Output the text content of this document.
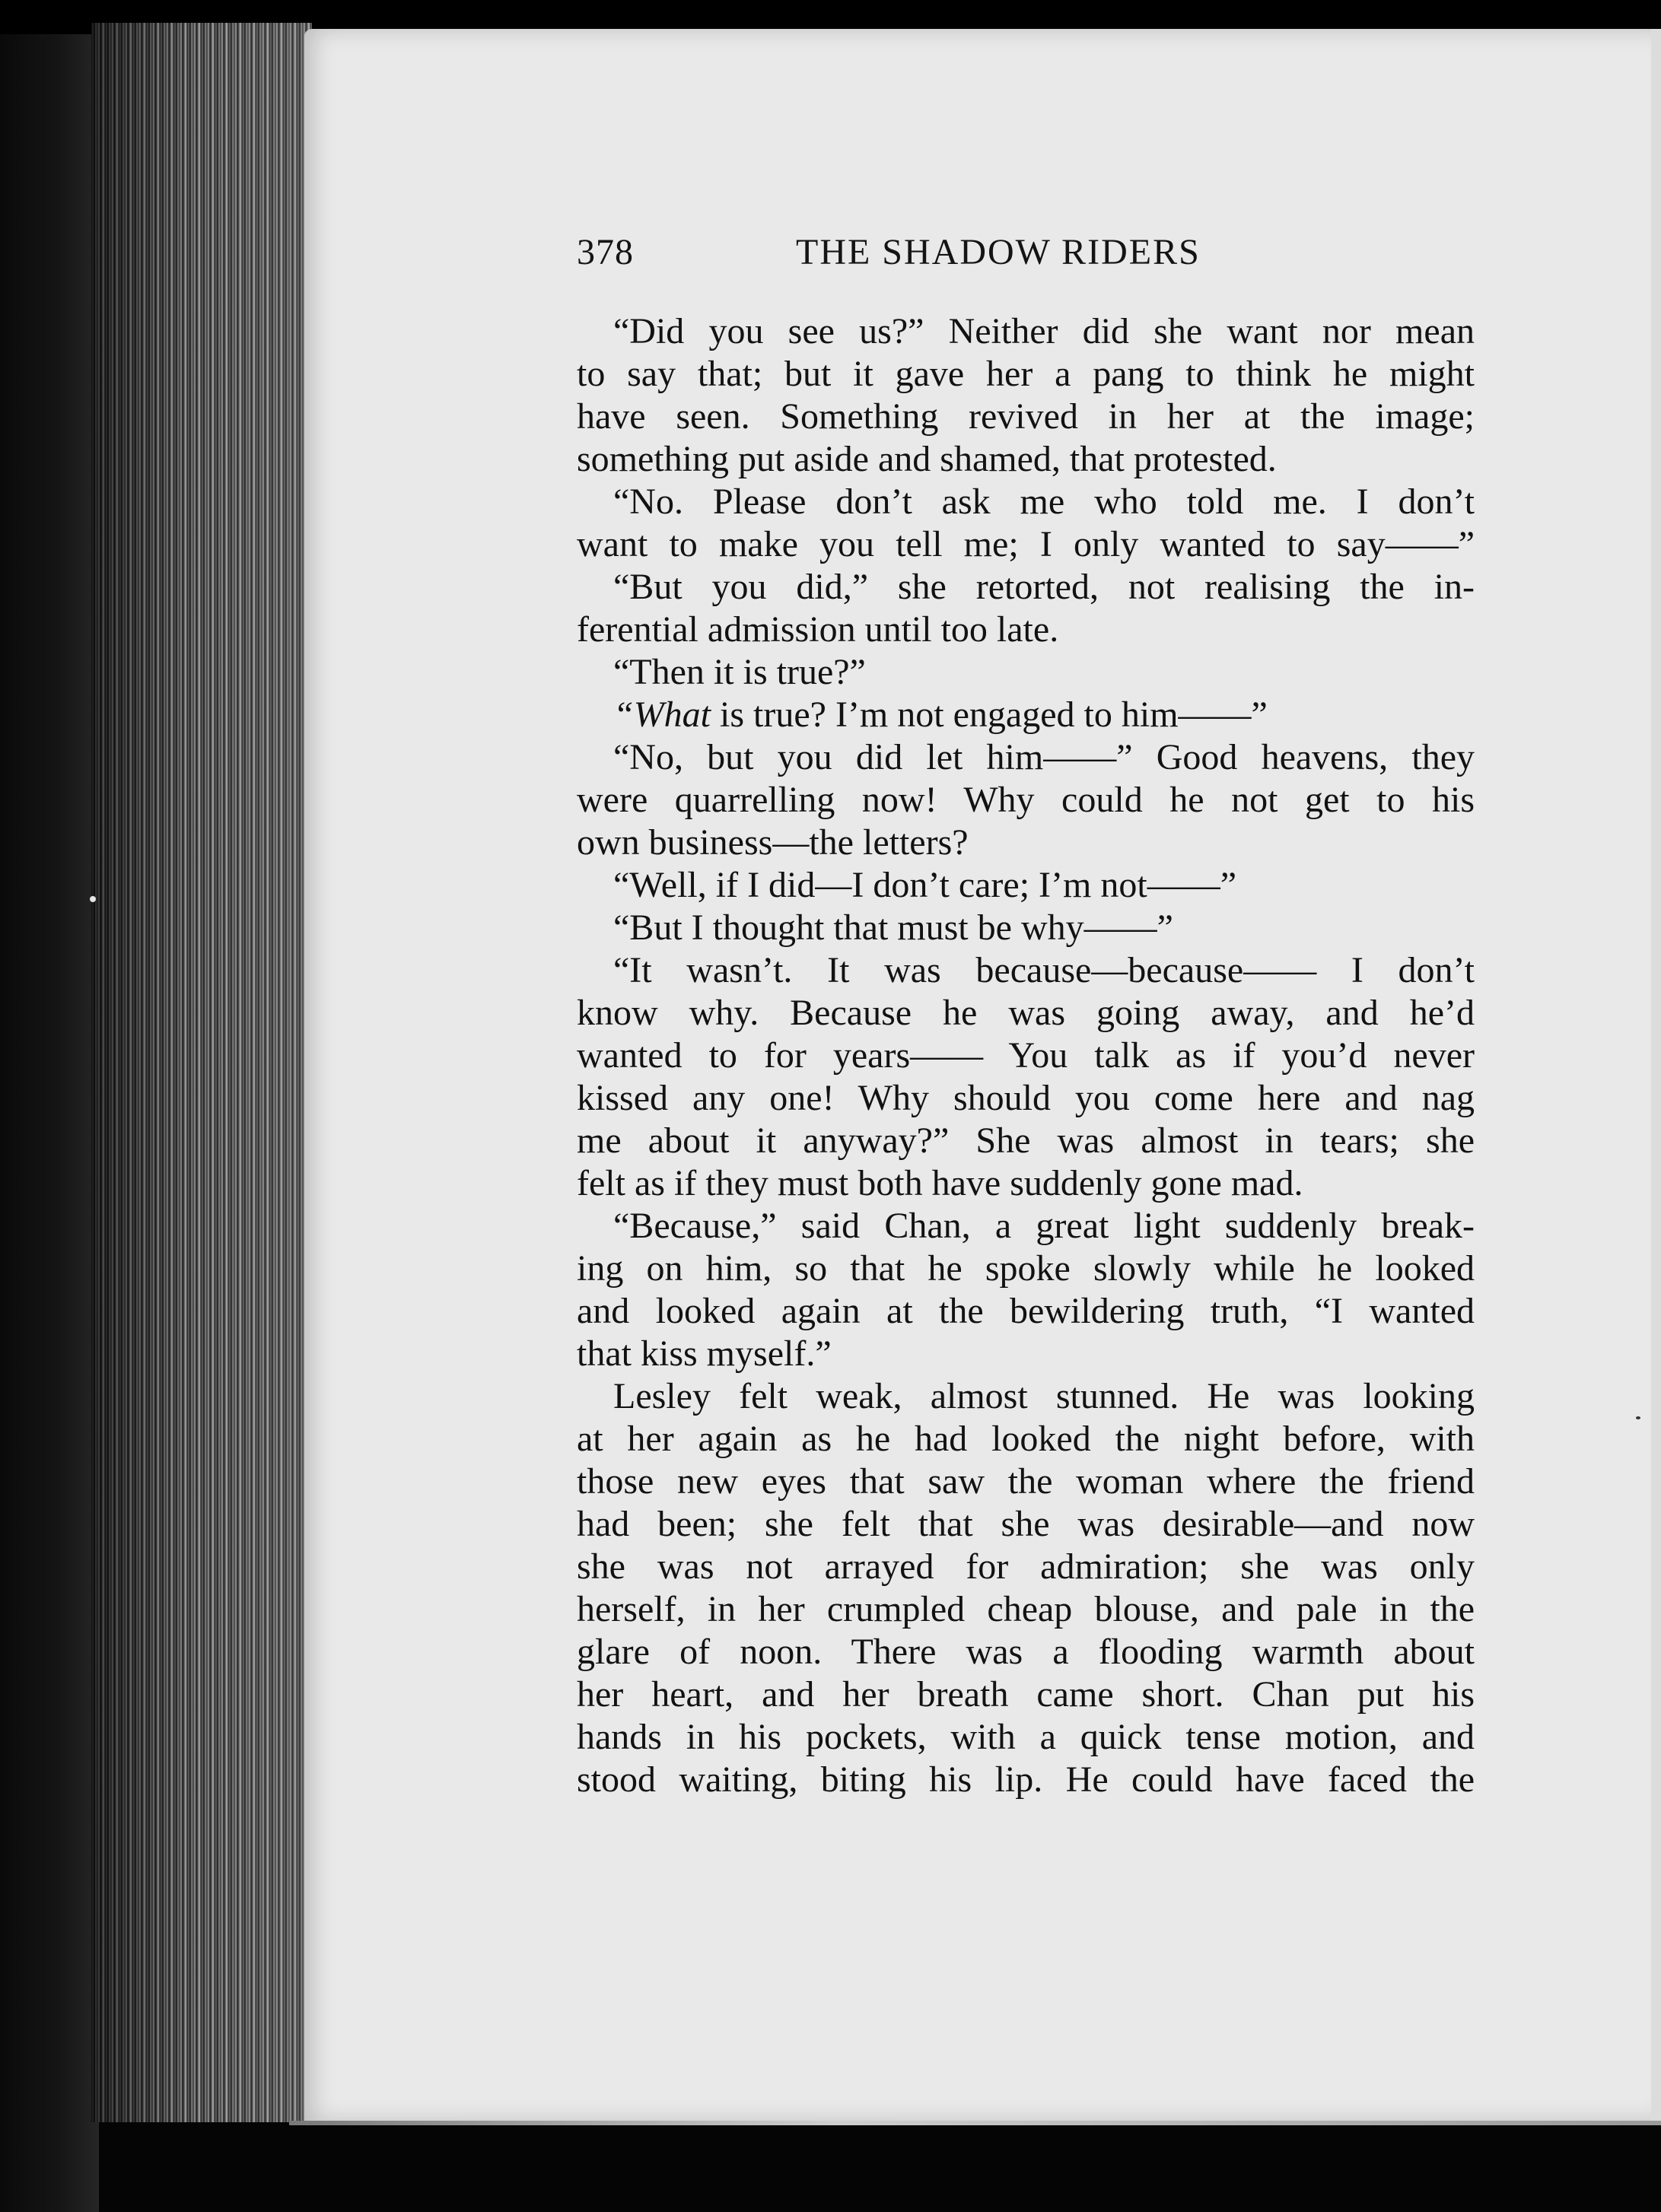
378	THE SHADOW RIDERS
“Did you see us?” Neither did she want nor mean
to say that; but it gave her a pang to think he might
have seen. Something revived in her at the image;
something put aside and shamed, that protested.
“No. Please don’t ask me who told me. I don’t
want to make you tell me; I only wanted to say——”
“But you did,” she retorted, not realising the in-
ferential admission until too late.
“Then it is true?”
“What is true? I’m not engaged to him——”
“No, but you did let him——” Good heavens, they
were quarrelling now! Why could he not get to his
own business—the letters?
“Well, if I did—I don’t care; I’m not——”
“But I thought that must be why——”
“It wasn’t. It was because—because—— I don’t
know why. Because he was going away, and he’d
wanted to for years—— You talk as if you’d never
kissed any one! Why should you come here and nag
me about it anyway?” She was almost in tears; she
felt as if they must both have suddenly gone mad.
“Because,” said Chan, a great light suddenly break-
ing on him, so that he spoke slowly while he looked
and looked again at the bewildering truth, “I wanted
that kiss myself.”
Lesley felt weak, almost stunned. He was looking
at her again as he had looked the night before, with
those new eyes that saw the woman where the friend
had been; she felt that she was desirable—and now
she was not arrayed for admiration; she was only
herself, in her crumpled cheap blouse, and pale in the
glare of noon. There was a flooding warmth about
her heart, and her breath came short. Chan put his
hands in his pockets, with a quick tense motion, and
stood waiting, biting his lip. He could have faced the
